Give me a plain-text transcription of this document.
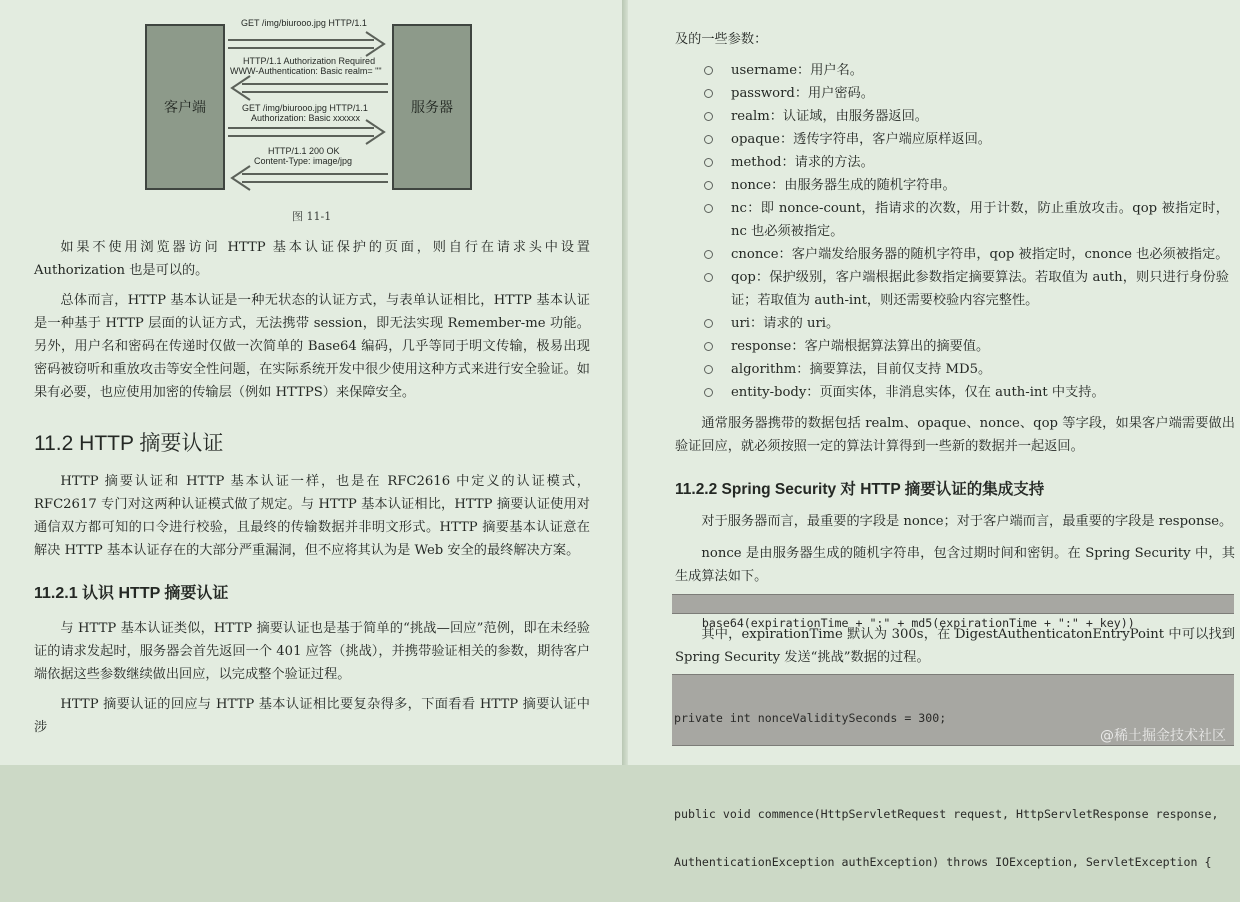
客户端	服务器
GET /img/biurooo.jpg HTTP/1.1
HTTP/1.1 Authorization Required
WWW-Authentication: Basic realm= ""
GET /img/biurooo.jpg HTTP/1.1
Authorization: Basic xxxxxx
HTTP/1.1 200 OK
Content-Type: image/jpg
图 11-1

如果不使用浏览器访问 HTTP 基本认证保护的页面，则自行在请求头中设置 Authorization 也是可以的。

总体而言，HTTP 基本认证是一种无状态的认证方式，与表单认证相比，HTTP 基本认证是一种基于 HTTP 层面的认证方式，无法携带 session，即无法实现 Remember-me 功能。另外，用户名和密码在传递时仅做一次简单的 Base64 编码，几乎等同于明文传输，极易出现密码被窃听和重放攻击等安全性问题，在实际系统开发中很少使用这种方式来进行安全验证。如果有必要，也应使用加密的传输层（例如 HTTPS）来保障安全。

11.2 HTTP 摘要认证

HTTP 摘要认证和 HTTP 基本认证一样，也是在 RFC2616 中定义的认证模式，RFC2617 专门对这两种认证模式做了规定。与 HTTP 基本认证相比，HTTP 摘要认证使用对通信双方都可知的口令进行校验，且最终的传输数据并非明文形式。HTTP 摘要基本认证意在解决 HTTP 基本认证存在的大部分严重漏洞，但不应将其认为是 Web 安全的最终解决方案。

11.2.1 认识 HTTP 摘要认证

与 HTTP 基本认证类似，HTTP 摘要认证也是基于简单的“挑战—回应”范例，即在未经验证的请求发起时，服务器会首先返回一个 401 应答（挑战），并携带验证相关的参数，期待客户端依据这些参数继续做出回应，以完成整个验证过程。

HTTP 摘要认证的回应与 HTTP 基本认证相比要复杂得多，下面看看 HTTP 摘要认证中涉

及的一些参数：

username：用户名。
password：用户密码。
realm：认证域，由服务器返回。
opaque：透传字符串，客户端应原样返回。
method：请求的方法。
nonce：由服务器生成的随机字符串。
nc：即 nonce-count，指请求的次数，用于计数，防止重放攻击。qop 被指定时，nc 也必须被指定。
cnonce：客户端发给服务器的随机字符串，qop 被指定时，cnonce 也必须被指定。
qop：保护级别，客户端根据此参数指定摘要算法。若取值为 auth，则只进行身份验证；若取值为 auth-int，则还需要校验内容完整性。
uri：请求的 uri。
response：客户端根据算法算出的摘要值。
algorithm：摘要算法，目前仅支持 MD5。
entity-body：页面实体，非消息实体，仅在 auth-int 中支持。

通常服务器携带的数据包括 realm、opaque、nonce、qop 等字段，如果客户端需要做出验证回应，就必须按照一定的算法计算得到一些新的数据并一起返回。

11.2.2 Spring Security 对 HTTP 摘要认证的集成支持

对于服务器而言，最重要的字段是 nonce；对于客户端而言，最重要的字段是 response。

nonce 是由服务器生成的随机字符串，包含过期时间和密钥。在 Spring Security 中，其生成算法如下。

base64(expirationTime + ":" + md5(expirationTime + ":" + key))

其中，expirationTime 默认为 300s，在 DigestAuthenticatonEntryPoint 中可以找到 Spring Security 发送“挑战”数据的过程。

private int nonceValiditySeconds = 300;

public void commence(HttpServletRequest request, HttpServletResponse response,

AuthenticationException authException) throws IOException, ServletException {

@稀土掘金技术社区
